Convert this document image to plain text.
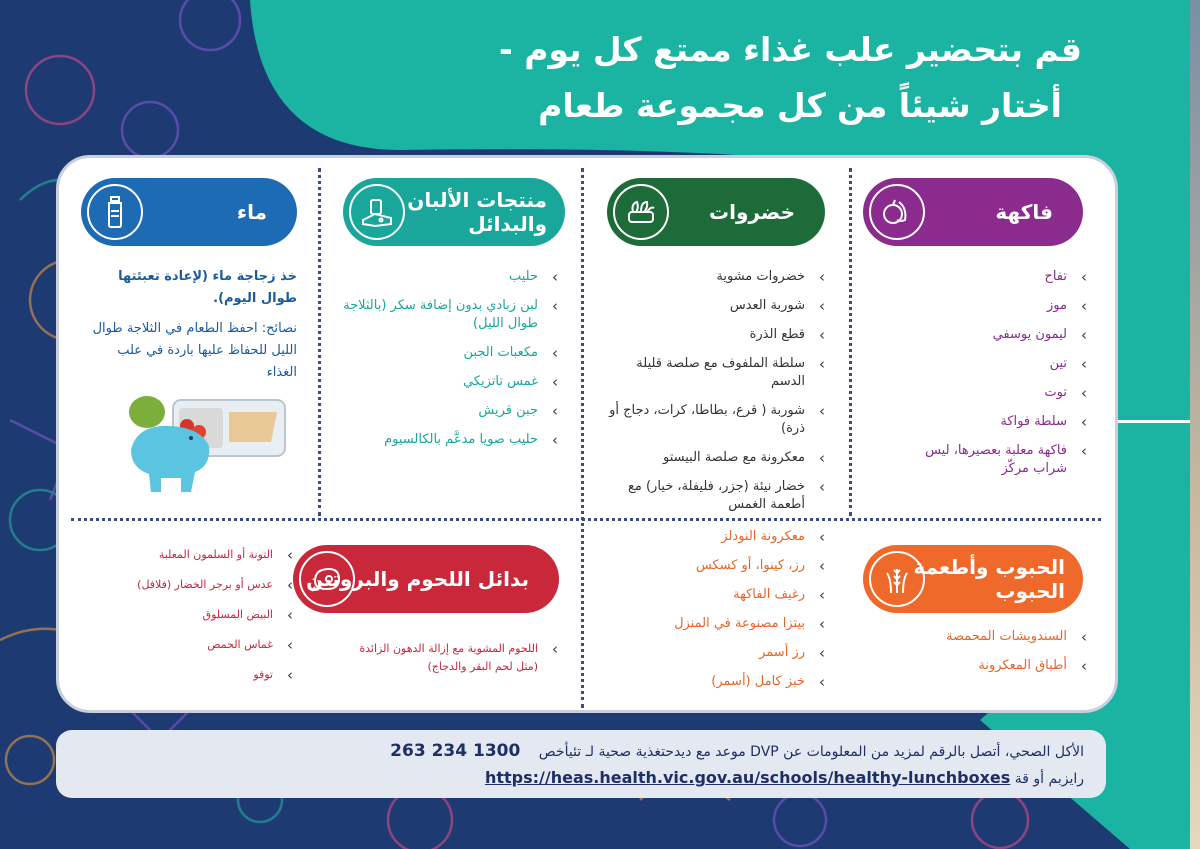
قم بتحضير علب غذاء ممتع كل يوم -
أختار شيئاً من كل مجموعة طعام
فاكهة
خضروات
منتجات الألبان
والبدائل
ماء
› تفاح
› موز
› ليمون يوسفي
› تين
› توت
› سلطة فواكة
› فاكهة معلبة بعصيرها، ليس شراب مركّز
› خضروات مشوية
› شوربة العدس
› قطع الذرة
› سلطة الملفوف مع صلصة قليلة الدسم
› شوربة ( قرع، بطاطا، كرات، دجاج أو ذرة)
› معكرونة مع صلصة البيستو
› خضار نيئة (جزر، فليفلة، خيار) مع أطعمة الغمس
› حليب
› لبن زبادي بدون إضافة سكر (بالثلاجة طوال الليل)
› مكعبات الجبن
› غمس تاتزيكي
› جبن قريش
› حليب صويا مدعَّم بالكالسيوم
خذ زجاجة ماء (لإعادة تعبئتها طوال اليوم).
نصائح: احفظ الطعام في الثلاجة طوال الليل للحفاظ عليها باردة في علب الغذاء
الحبوب وأطعمة
الحبوب
› السندويشات المحمصة
› أطباق المعكرونة
› معكرونة النودلز
› رز، كينوا، أو كسكس
› رغيف الفاكهة
› بيتزا مصنوعة في المنزل
› رز أسمر
› خبز كامل (أسمر)
بدائل اللحوم والبروتين
› اللحوم المشوية مع إزالة الدهون الزائدة (مثل لحم البقر والدجاج)
› التونة أو السلمون المعلبة
› عدس أو برجر الخضار (فلافل)
› البيض المسلوق
› غماس الحمص
› توفو
الأكل الصحي، أتصل بالرقم لمزيد من المعلومات عن DVP موعد مع ديدحتغذية صحية لـ تئيأخص 1300 234 263
رايزبم أو قة https://heas.health.vic.gov.au/schools/healthy-lunchboxes
